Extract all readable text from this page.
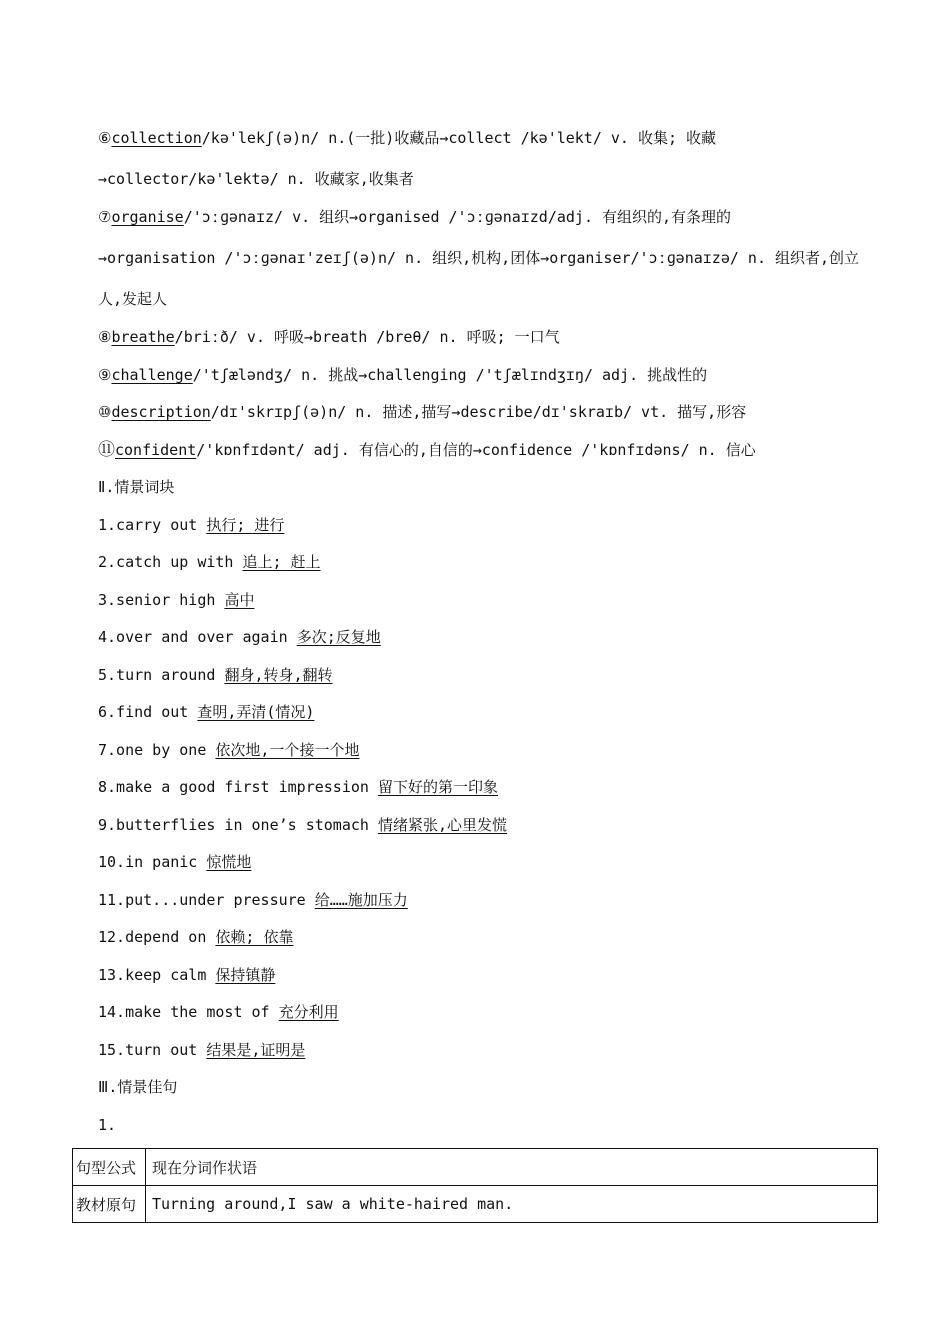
⑥collection/kə'lekʃ(ə)n/ n.(一批)收藏品→collect /kə'lekt/ v. 收集; 收藏
→collector/kə'lektə/ n. 收藏家,收集者
⑦organise/'ɔːɡənaɪz/ v. 组织→organised /'ɔːɡənaɪzd/adj. 有组织的,有条理的
→organisation /'ɔːɡənaɪ'zeɪʃ(ə)n/ n. 组织,机构,团体→organiser/'ɔːɡənaɪzə/ n. 组织者,创立
人,发起人
⑧breathe/briːð/ v. 呼吸→breath /breθ/ n. 呼吸; 一口气
⑨challenge/'tʃæləndʒ/ n. 挑战→challenging /'tʃælɪndʒɪŋ/ adj. 挑战性的
⑩description/dɪ'skrɪpʃ(ə)n/ n. 描述,描写→describe/dɪ'skraɪb/ vt. 描写,形容
⑪confident/'kɒnfɪdənt/ adj. 有信心的,自信的→confidence /'kɒnfɪdəns/ n. 信心
Ⅱ.情景词块
1.carry out 执行; 进行
2.catch up with 追上; 赶上
3.senior high 高中
4.over and over again 多次;反复地
5.turn around 翻身,转身,翻转
6.find out 查明,弄清(情况)
7.one by one 依次地,一个接一个地
8.make a good first impression 留下好的第一印象
9.butterflies in one’s stomach 情绪紧张,心里发慌
10.in panic 惊慌地
11.put...under pressure 给……施加压力
12.depend on 依赖; 依靠
13.keep calm 保持镇静
14.make the most of 充分利用
15.turn out 结果是,证明是
Ⅲ.情景佳句
1.
句型公式	现在分词作状语
教材原句	Turning around,I saw a white-haired man.
